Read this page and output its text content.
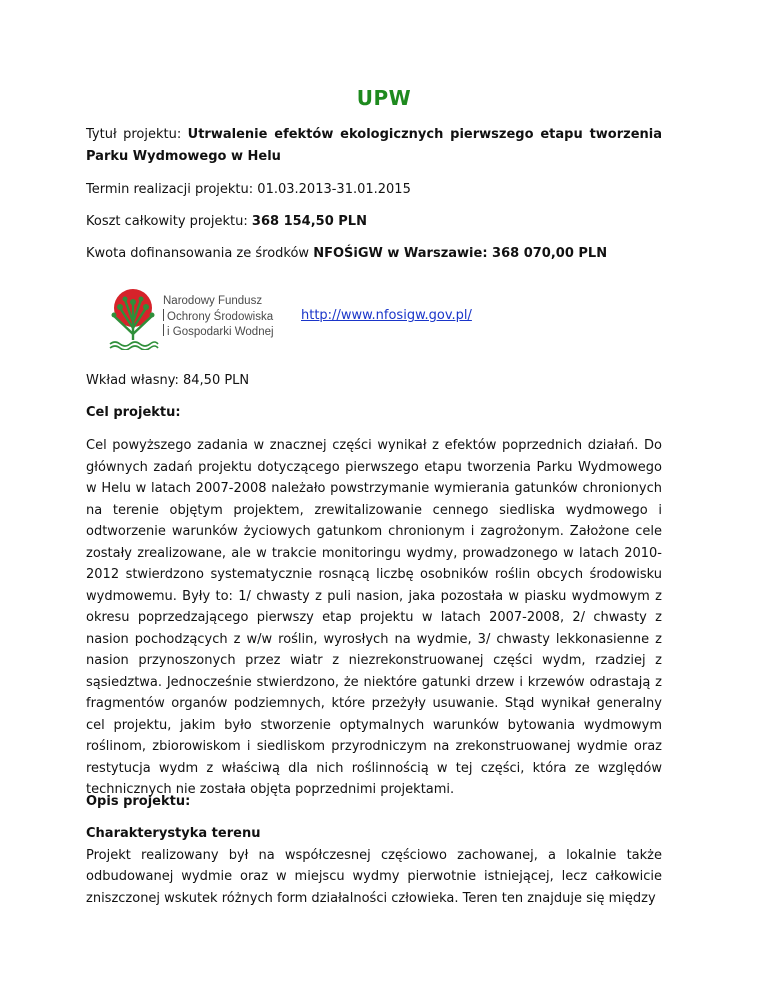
UPW

Tytuł projektu: Utrwalenie efektów ekologicznych pierwszego etapu tworzenia Parku Wydmowego w Helu

Termin realizacji projektu: 01.03.2013-31.01.2015

Koszt całkowity projektu: 368 154,50 PLN

Kwota dofinansowania ze środków NFOŚiGW w Warszawie: 368 070,00 PLN

Narodowy Fundusz
Ochrony Środowiska
i Gospodarki Wodnej
http://www.nfosigw.gov.pl/

Wkład własny: 84,50 PLN

Cel projektu:

Cel powyższego zadania w znacznej części wynikał z efektów poprzednich działań. Do głównych zadań projektu dotyczącego pierwszego etapu tworzenia Parku Wydmowego w Helu w latach 2007-2008 należało powstrzymanie wymierania gatunków chronionych na terenie objętym projektem, zrewitalizowanie cennego siedliska wydmowego i odtworzenie warunków życiowych gatunkom chronionym i zagrożonym. Założone cele zostały zrealizowane, ale w trakcie monitoringu wydmy, prowadzonego w latach 2010-2012 stwierdzono systematycznie rosnącą liczbę osobników roślin obcych środowisku wydmowemu. Były to: 1/ chwasty z puli nasion, jaka pozostała w piasku wydmowym z okresu poprzedzającego pierwszy etap projektu w latach 2007-2008, 2/ chwasty z nasion pochodzących z w/w roślin, wyrosłych na wydmie, 3/ chwasty lekkonasienne z nasion przynoszonych przez wiatr z niezrekonstruowanej części wydm, rzadziej z sąsiedztwa. Jednocześnie stwierdzono, że niektóre gatunki drzew i krzewów odrastają z fragmentów organów podziemnych, które przeżyły usuwanie. Stąd wynikał generalny cel projektu, jakim było stworzenie optymalnych warunków bytowania wydmowym roślinom, zbiorowiskom i siedliskom przyrodniczym na zrekonstruowanej wydmie oraz restytucja wydm z właściwą dla nich roślinnością w tej części, która ze względów technicznych nie została objęta poprzednimi projektami.

Opis projektu:

Charakterystyka terenu

Projekt realizowany był na współczesnej częściowo zachowanej, a lokalnie także odbudowanej wydmie oraz w miejscu wydmy pierwotnie istniejącej, lecz całkowicie zniszczonej wskutek różnych form działalności człowieka. Teren ten znajduje się między
